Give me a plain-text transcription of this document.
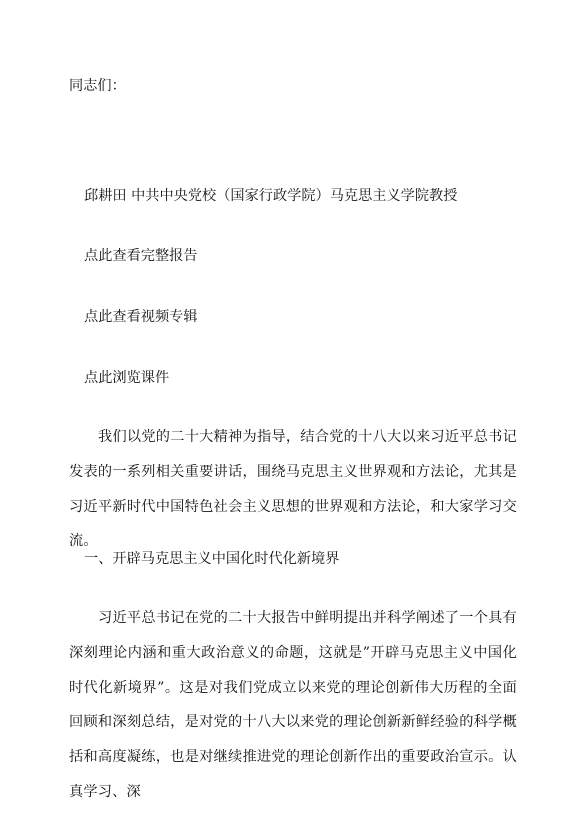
同志们：
邱耕田 中共中央党校（国家行政学院）马克思主义学院教授
点此查看完整报告
点此查看视频专辑
点此浏览课件
我们以党的二十大精神为指导，结合党的十八大以来习近平总书记发表的一系列相关重要讲话，围绕马克思主义世界观和方法论，尤其是习近平新时代中国特色社会主义思想的世界观和方法论，和大家学习交流。
一、开辟马克思主义中国化时代化新境界
习近平总书记在党的二十大报告中鲜明提出并科学阐述了一个具有深刻理论内涵和重大政治意义的命题，这就是”开辟马克思主义中国化时代化新境界”。这是对我们党成立以来党的理论创新伟大历程的全面回顾和深刻总结，是对党的十八大以来党的理论创新新鲜经验的科学概括和高度凝练，也是对继续推进党的理论创新作出的重要政治宣示。认真学习、深
